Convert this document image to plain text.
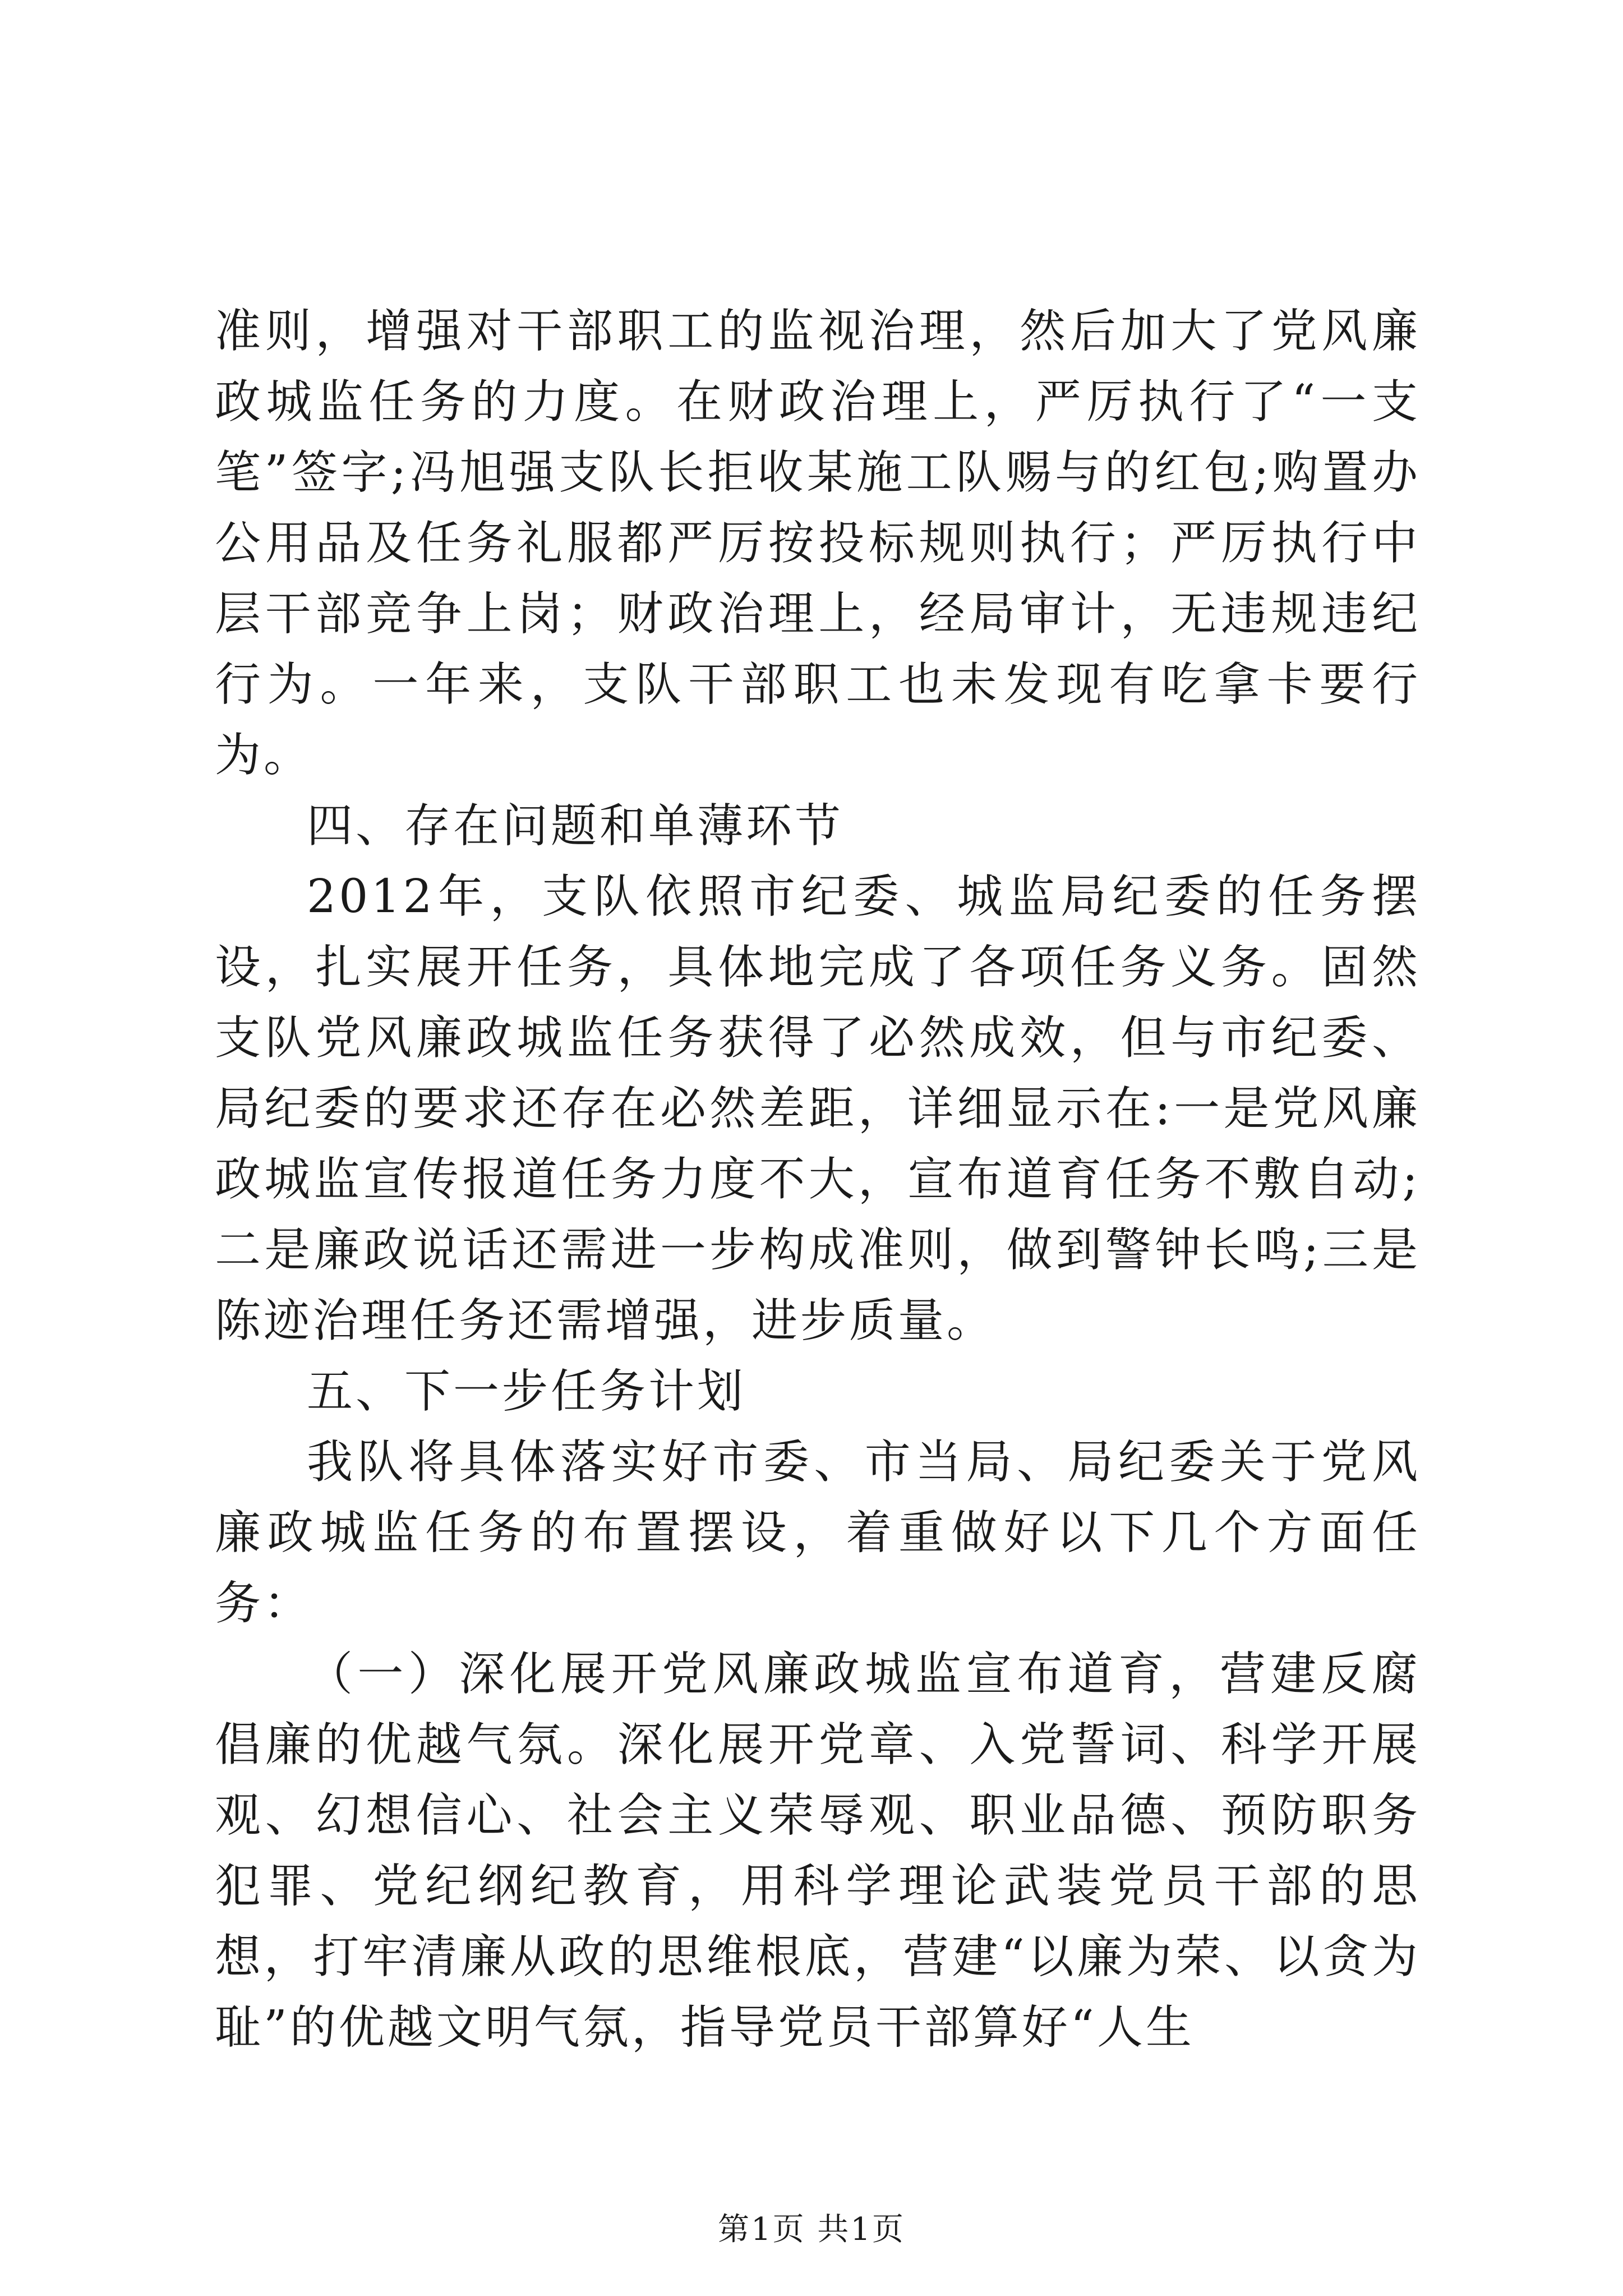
准则，增强对干部职工的监视治理，然后加大了党风廉政城监任务的力度。在财政治理上，严厉执行了“一支笔”签字;冯旭强支队长拒收某施工队赐与的红包;购置办公用品及任务礼服都严厉按投标规则执行；严厉执行中层干部竞争上岗；财政治理上，经局审计，无违规违纪行为。一年来，支队干部职工也未发现有吃拿卡要行为。

四、存在问题和单薄环节

2012年，支队依照市纪委、城监局纪委的任务摆设，扎实展开任务，具体地完成了各项任务义务。固然支队党风廉政城监任务获得了必然成效，但与市纪委、局纪委的要求还存在必然差距，详细显示在:一是党风廉政城监宣传报道任务力度不大，宣布道育任务不敷自动;二是廉政说话还需进一步构成准则，做到警钟长鸣;三是陈迹治理任务还需增强，进步质量。

五、下一步任务计划

我队将具体落实好市委、市当局、局纪委关于党风廉政城监任务的布置摆设，着重做好以下几个方面任务：

（一）深化展开党风廉政城监宣布道育，营建反腐倡廉的优越气氛。深化展开党章、入党誓词、科学开展观、幻想信心、社会主义荣辱观、职业品德、预防职务犯罪、党纪纲纪教育，用科学理论武装党员干部的思想，打牢清廉从政的思维根底，营建“以廉为荣、以贪为耻”的优越文明气氛，指导党员干部算好“人生

第1页 共1页
